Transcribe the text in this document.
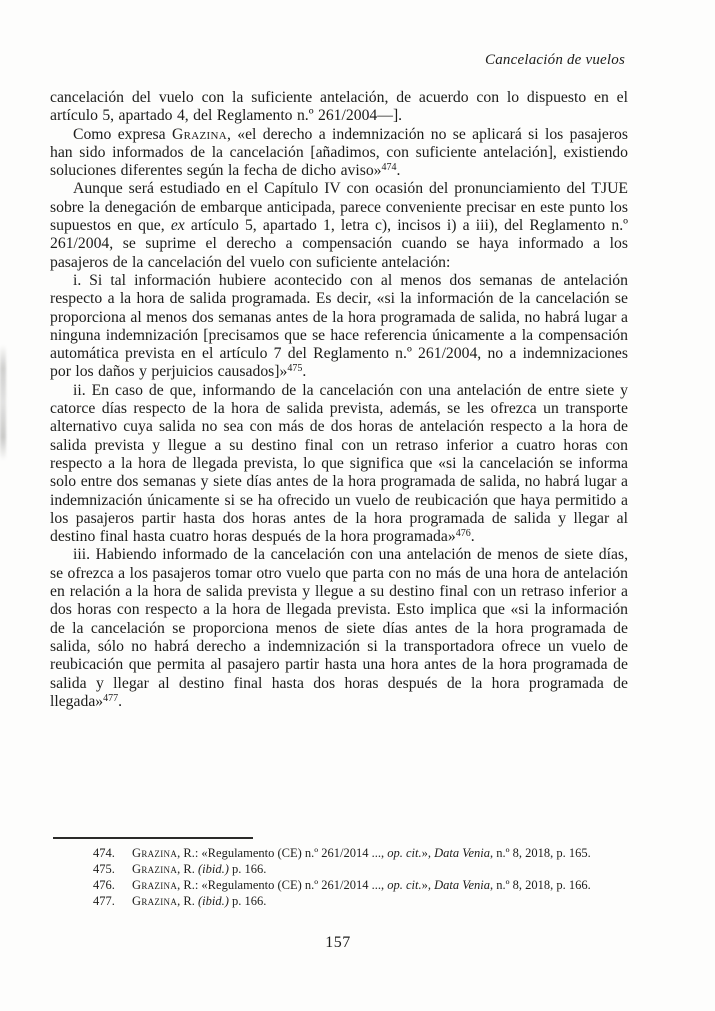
Cancelación de vuelos

cancelación del vuelo con la suficiente antelación, de acuerdo con lo dispuesto en el artículo 5, apartado 4, del Reglamento n.º 261/2004—].

Como expresa Grazina, «el derecho a indemnización no se aplicará si los pasajeros han sido informados de la cancelación [añadimos, con suficiente antelación], existiendo soluciones diferentes según la fecha de dicho aviso»$^{474}$.

Aunque será estudiado en el Capítulo IV con ocasión del pronunciamiento del TJUE sobre la denegación de embarque anticipada, parece conveniente precisar en este punto los supuestos en que, ex artículo 5, apartado 1, letra c), incisos i) a iii), del Reglamento n.º 261/2004, se suprime el derecho a compensación cuando se haya informado a los pasajeros de la cancelación del vuelo con suficiente antelación:

i. Si tal información hubiere acontecido con al menos dos semanas de antelación respecto a la hora de salida programada. Es decir, «si la información de la cancelación se proporciona al menos dos semanas antes de la hora programada de salida, no habrá lugar a ninguna indemnización [precisamos que se hace referencia únicamente a la compensación automática prevista en el artículo 7 del Reglamento n.º 261/2004, no a indemnizaciones por los daños y perjuicios causados]»$^{475}$.

ii. En caso de que, informando de la cancelación con una antelación de entre siete y catorce días respecto de la hora de salida prevista, además, se les ofrezca un transporte alternativo cuya salida no sea con más de dos horas de antelación respecto a la hora de salida prevista y llegue a su destino final con un retraso inferior a cuatro horas con respecto a la hora de llegada prevista, lo que significa que «si la cancelación se informa solo entre dos semanas y siete días antes de la hora programada de salida, no habrá lugar a indemnización únicamente si se ha ofrecido un vuelo de reubicación que haya permitido a los pasajeros partir hasta dos horas antes de la hora programada de salida y llegar al destino final hasta cuatro horas después de la hora programada»$^{476}$.

iii. Habiendo informado de la cancelación con una antelación de menos de siete días, se ofrezca a los pasajeros tomar otro vuelo que parta con no más de una hora de antelación en relación a la hora de salida prevista y llegue a su destino final con un retraso inferior a dos horas con respecto a la hora de llegada prevista. Esto implica que «si la información de la cancelación se proporciona menos de siete días antes de la hora programada de salida, sólo no habrá derecho a indemnización si la transportadora ofrece un vuelo de reubicación que permita al pasajero partir hasta una hora antes de la hora programada de salida y llegar al destino final hasta dos horas después de la hora programada de llegada»$^{477}$.

474. Grazina, R.: «Regulamento (CE) n.º 261/2014 ..., op. cit.», Data Venia, n.º 8, 2018, p. 165.
475. Grazina, R. (ibid.) p. 166.
476. Grazina, R.: «Regulamento (CE) n.º 261/2014 ..., op. cit.», Data Venia, n.º 8, 2018, p. 166.
477. Grazina, R. (ibid.) p. 166.
157
